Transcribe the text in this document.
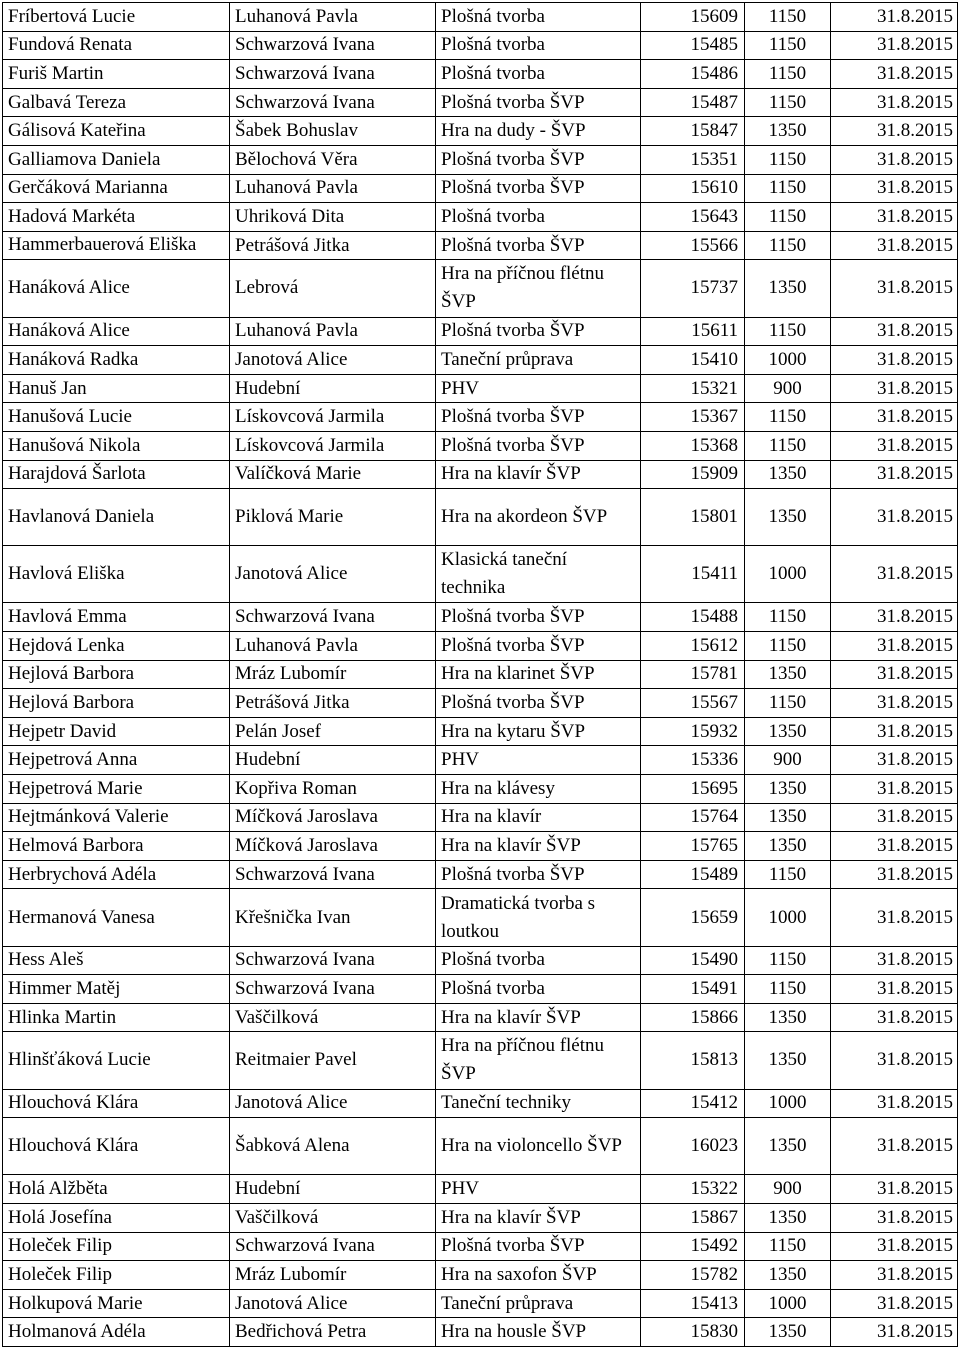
Fríbertová Lucie	Luhanová Pavla	Plošná tvorba	15609	1150	31.8.2015
Fundová Renata	Schwarzová Ivana	Plošná tvorba	15485	1150	31.8.2015
Furiš Martin	Schwarzová Ivana	Plošná tvorba	15486	1150	31.8.2015
Galbavá Tereza	Schwarzová Ivana	Plošná tvorba ŠVP	15487	1150	31.8.2015
Gálisová Kateřina	Šabek Bohuslav	Hra na dudy - ŠVP	15847	1350	31.8.2015
Galliamova Daniela	Bělochová Věra	Plošná tvorba ŠVP	15351	1150	31.8.2015
Gerčáková Marianna	Luhanová Pavla	Plošná tvorba ŠVP	15610	1150	31.8.2015
Hadová Markéta	Uhriková Dita	Plošná tvorba	15643	1150	31.8.2015
Hammerbauerová Eliška	Petrášová Jitka	Plošná tvorba ŠVP	15566	1150	31.8.2015
Hanáková Alice	Lebrová	Hra na příčnou flétnu ŠVP	15737	1350	31.8.2015
Hanáková Alice	Luhanová Pavla	Plošná tvorba ŠVP	15611	1150	31.8.2015
Hanáková Radka	Janotová Alice	Taneční průprava	15410	1000	31.8.2015
Hanuš Jan	Hudební	PHV	15321	900	31.8.2015
Hanušová Lucie	Lískovcová Jarmila	Plošná tvorba ŠVP	15367	1150	31.8.2015
Hanušová Nikola	Lískovcová Jarmila	Plošná tvorba ŠVP	15368	1150	31.8.2015
Harajdová Šarlota	Valíčková Marie	Hra na klavír ŠVP	15909	1350	31.8.2015
Havlanová Daniela	Piklová Marie	Hra na akordeon ŠVP	15801	1350	31.8.2015
Havlová Eliška	Janotová Alice	Klasická taneční technika	15411	1000	31.8.2015
Havlová Emma	Schwarzová Ivana	Plošná tvorba ŠVP	15488	1150	31.8.2015
Hejdová Lenka	Luhanová Pavla	Plošná tvorba ŠVP	15612	1150	31.8.2015
Hejlová Barbora	Mráz Lubomír	Hra na klarinet ŠVP	15781	1350	31.8.2015
Hejlová Barbora	Petrášová Jitka	Plošná tvorba ŠVP	15567	1150	31.8.2015
Hejpetr David	Pelán Josef	Hra na kytaru ŠVP	15932	1350	31.8.2015
Hejpetrová Anna	Hudební	PHV	15336	900	31.8.2015
Hejpetrová Marie	Kopřiva Roman	Hra na klávesy	15695	1350	31.8.2015
Hejtmánková Valerie	Míčková Jaroslava	Hra na klavír	15764	1350	31.8.2015
Helmová Barbora	Míčková Jaroslava	Hra na klavír ŠVP	15765	1350	31.8.2015
Herbrychová Adéla	Schwarzová Ivana	Plošná tvorba ŠVP	15489	1150	31.8.2015
Hermanová Vanesa	Křešnička Ivan	Dramatická tvorba s loutkou	15659	1000	31.8.2015
Hess Aleš	Schwarzová Ivana	Plošná tvorba	15490	1150	31.8.2015
Himmer Matěj	Schwarzová Ivana	Plošná tvorba	15491	1150	31.8.2015
Hlinka Martin	Vaščilková	Hra na klavír ŠVP	15866	1350	31.8.2015
Hlinšťáková Lucie	Reitmaier Pavel	Hra na příčnou flétnu ŠVP	15813	1350	31.8.2015
Hlouchová Klára	Janotová Alice	Taneční techniky	15412	1000	31.8.2015
Hlouchová Klára	Šabková Alena	Hra na violoncello ŠVP	16023	1350	31.8.2015
Holá Alžběta	Hudební	PHV	15322	900	31.8.2015
Holá Josefína	Vaščilková	Hra na klavír ŠVP	15867	1350	31.8.2015
Holeček Filip	Schwarzová Ivana	Plošná tvorba ŠVP	15492	1150	31.8.2015
Holeček Filip	Mráz Lubomír	Hra na saxofon ŠVP	15782	1350	31.8.2015
Holkupová Marie	Janotová Alice	Taneční průprava	15413	1000	31.8.2015
Holmanová Adéla	Bedřichová Petra	Hra na housle ŠVP	15830	1350	31.8.2015
